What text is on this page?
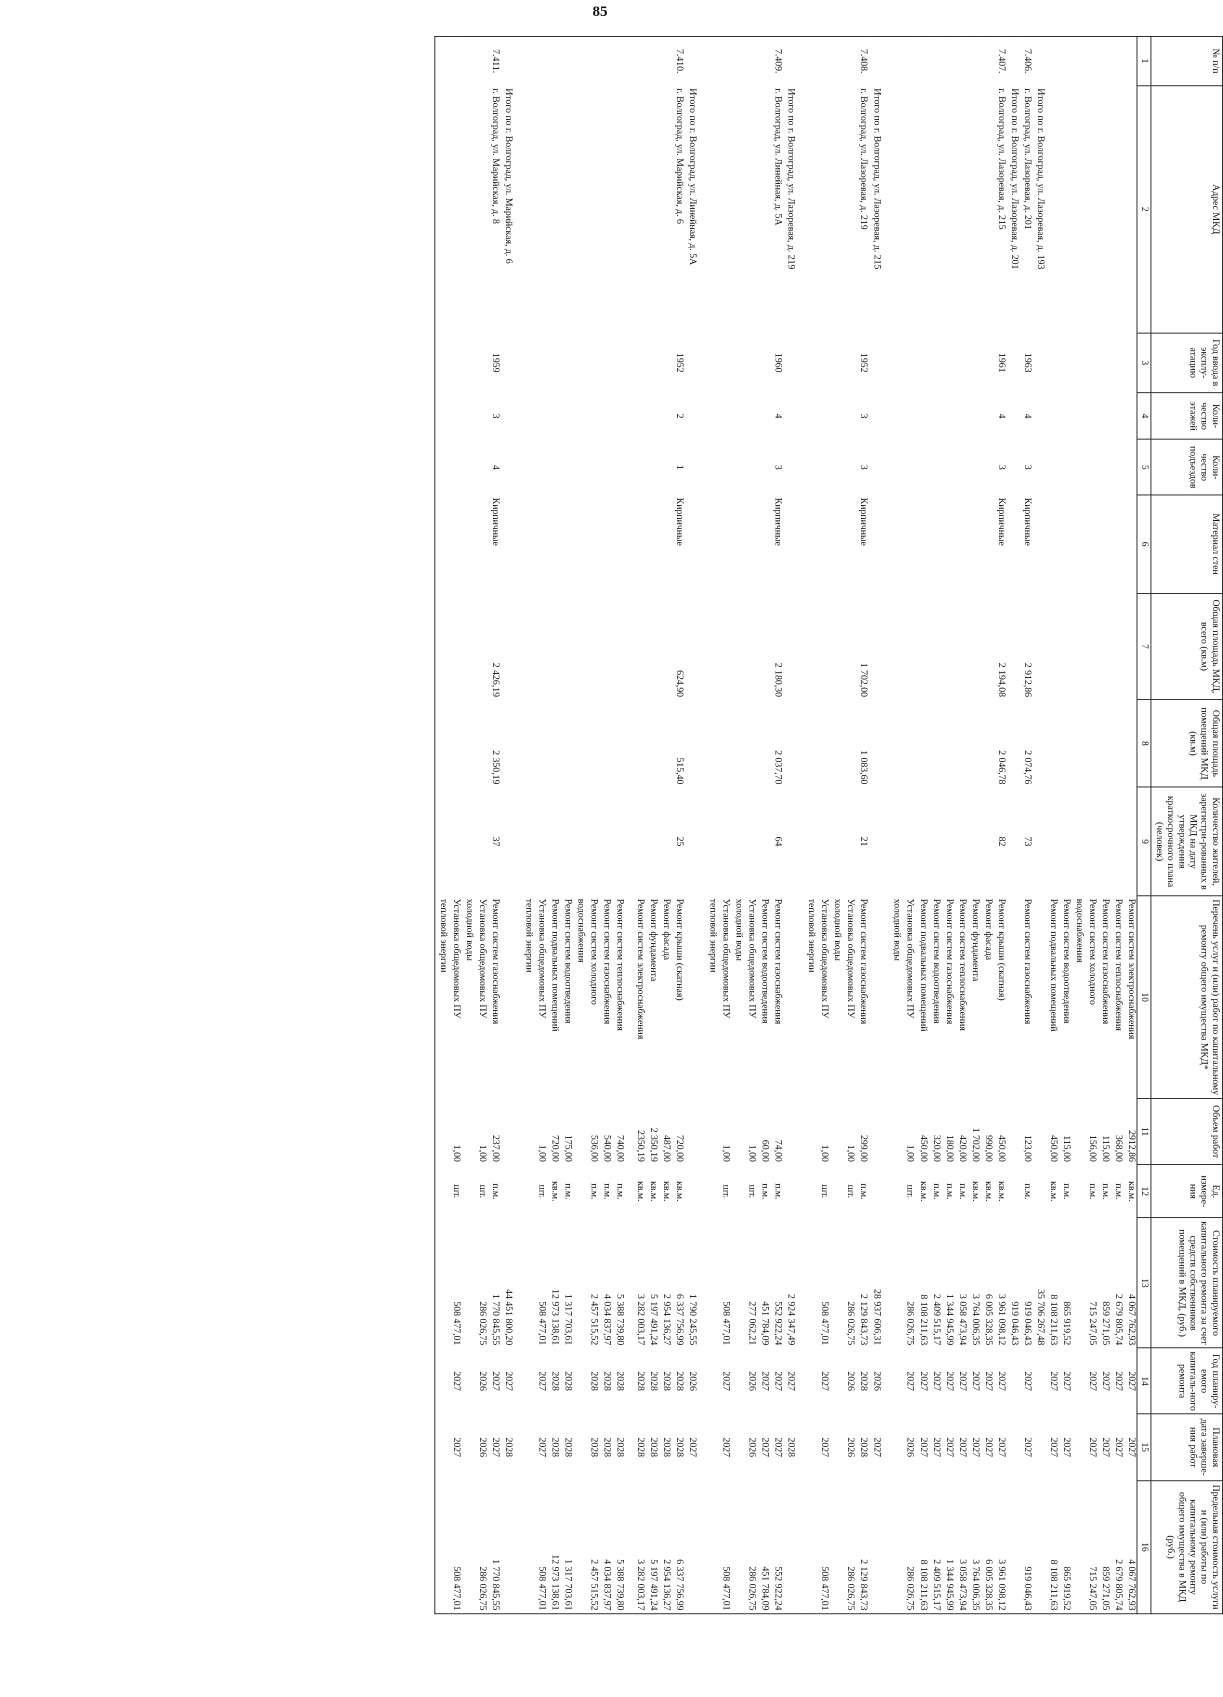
85
№ п/п	Адрес МКД	Год ввода в эксплу-атацию	Коли-чество этажей	Коли-чество подъездов	Материал стен	Общая площадь МКД, всего (кв.м)	Общая площадь помещений МКД (кв.м)	Количество жителей, зарегистри-рованных в МКД на дату утверждения краткосрочного плана (человек)	Перечень услуг и (или) работ по капитальному ремонту общего имущества МКД*	Объем работ	Ед. измере-ния	Стоимость планируемого капитального ремонта за счет средств собственников помещений в МКД, (руб.)	Год планиру-емого капиталь-ного ремонта	Плановая дата заверше-ния работ	Предельная стоимость услуги и (или) работы по капитальному ремонту общего имущества в МКД (руб.)
1	2	3	4	5	6	7	8	9	10	11	12	13	14	15	16
									Ремонт систем электроснабжения	2912,86	кв.м.	4 067 762,93	2027	2027	4 067 762,93
									Ремонт систем теплоснабжения	368,00	п.м.	2 679 805,74	2027	2027	2 679 805,74
									Ремонт систем газоснабжения	115,00	п.м.	859 271,05	2027	2027	859 271,05
									Ремонт систем холодного	156,00	п.м.	715 247,05	2027	2027	715 247,05
									водоснабжения						
									Ремонт систем водоотведения	115,00	п.м.	865 919,52	2027	2027	865 919,52
									Ремонт подвальных помещений	450,00	кв.м.	8 108 211,63	2027	2027	8 108 211,63
	Итого по г. Волгоград, ул. Лазоревая, д. 193											35 706 267,48			
7.406.	г. Волгоград, ул. Лазоревая, д. 201	1963	4	3	Кирпичные	2 912,86	2 074,76	73	Ремонт систем газоснабжения	123,00	п.м.	919 046,43	2027	2027	919 046,43
	Итого по г. Волгоград, ул. Лазоревая, д. 201											919 046,43			
7.407.	г. Волгоград, ул. Лазоревая, д. 215	1961	4	3	Кирпичные	2 194,08	2 046,78	82	Ремонт крыши (скатная)	450,00	кв.м.	3 961 098,12	2027	2027	3 961 098,12
									Ремонт фасада	990,00	кв.м.	6 005 328,35	2027	2027	6 005 328,35
									Ремонт фундамента	1 702,00	кв.м.	3 764 006,35	2027	2027	3 764 006,35
									Ремонт систем теплоснабжения	420,00	п.м.	3 058 473,94	2027	2027	3 058 473,94
									Ремонт систем газоснабжения	180,00	п.м.	1 344 945,99	2027	2027	1 344 945,99
									Ремонт систем водоотведения	320,00	п.м.	2 409 515,17	2027	2027	2 409 515,17
									Ремонт подвальных помещений	450,00	кв.м.	8 108 211,63	2027	2027	8 108 211,63
									Установка общедомовых ПУ	1,00	шт.	286 026,75	2027	2026	286 026,75
									холодной воды						
	Итого по г. Волгоград, ул. Лазоревая, д. 215											28 937 606,31	2026	2027	
7.408.	г. Волгоград, ул. Лазоревая, д. 219	1952	3	3	Кирпичные	1 702,00	1 083,60	21	Ремонт систем газоснабжения	299,00	п.м.	2 129 843,73	2028	2028	2 129 843,73
									Установка общедомовых ПУ	1,00	шт.	286 026,75	2026	2026	286 026,75
									холодной воды						
									Установка общедомовых ПУ	1,00	шт.	508 477,01	2027	2027	508 477,01
									тепловой энергии						
	Итого по г. Волгоград, ул. Лазоревая, д. 219											2 924 347,49	2027	2028	
7.409.	г. Волгоград, ул. Линейная, д. 5А	1960	4	3	Кирпичные	2 180,30	2 037,70	64	Ремонт систем газоснабжения	74,00	п.м.	552 922,24	2027	2027	552 922,24
									Ремонт систем водоотведения	60,00	п.м.	451 784,09	2027	2027	451 784,09
									Установка общедомовых ПУ	1,00	шт.	277 062,21	2026	2026	286 026,75
									холодной воды						
									Установка общедомовых ПУ	1,00	шт.	508 477,01	2027	2027	508 477,01
									тепловой энергии						
	Итого по г. Волгоград, ул. Линейная, д. 5А											1 790 245,55	2026	2027	
7.410.	г. Волгоград, ул. Марийская, д. 6	1952	2	1	Кирпичные	624,90	515,40	25	Ремонт крыши (скатная)	720,00	кв.м.	6 337 756,99	2028	2028	6 337 756,99
									Ремонт фасада	487,00	кв.м.	2 954 136,27	2028	2028	2 954 136,27
									Ремонт фундамента	2 350,19	кв.м.	5 197 491,24	2028	2028	5 197 491,24
									Ремонт систем электроснабжения	2350,19	кв.м.	3 282 003,17	2028	2028	3 282 003,17
									Ремонт систем теплоснабжения	740,00	п.м.	5 388 739,80	2028	2028	5 388 739,80
									Ремонт систем газоснабжения	540,00	п.м.	4 034 837,97	2028	2028	4 034 837,97
									Ремонт систем холодного	536,00	п.м.	2 457 515,52	2028	2028	2 457 515,52
									водоснабжения						
									Ремонт систем водоотведения	175,00	п.м.	1 317 703,61	2028	2028	1 317 703,61
									Ремонт подвальных помещений	720,00	кв.м.	12 973 138,61	2028	2028	12 973 138,61
									Установка общедомовых ПУ	1,00	шт.	508 477,01	2027	2027	508 477,01
									тепловой энергии						
	Итого по г. Волгоград, ул. Марийская, д. 6											44 451 800,20	2027	2028	
7.411.	г. Волгоград, ул. Марийская, д. 8	1959	3	4	Кирпичные	2 426,19	2 350,19	37	Ремонт систем газоснабжения	237,00	п.м.	1 770 845,55	2027	2027	1 770 845,55
									Установка общедомовых ПУ	1,00	шт.	286 026,75	2026	2026	286 026,75
									холодной воды						
									Установка общедомовых ПУ	1,00	шт.	508 477,01	2027	2027	508 477,01
									тепловой энергии						
